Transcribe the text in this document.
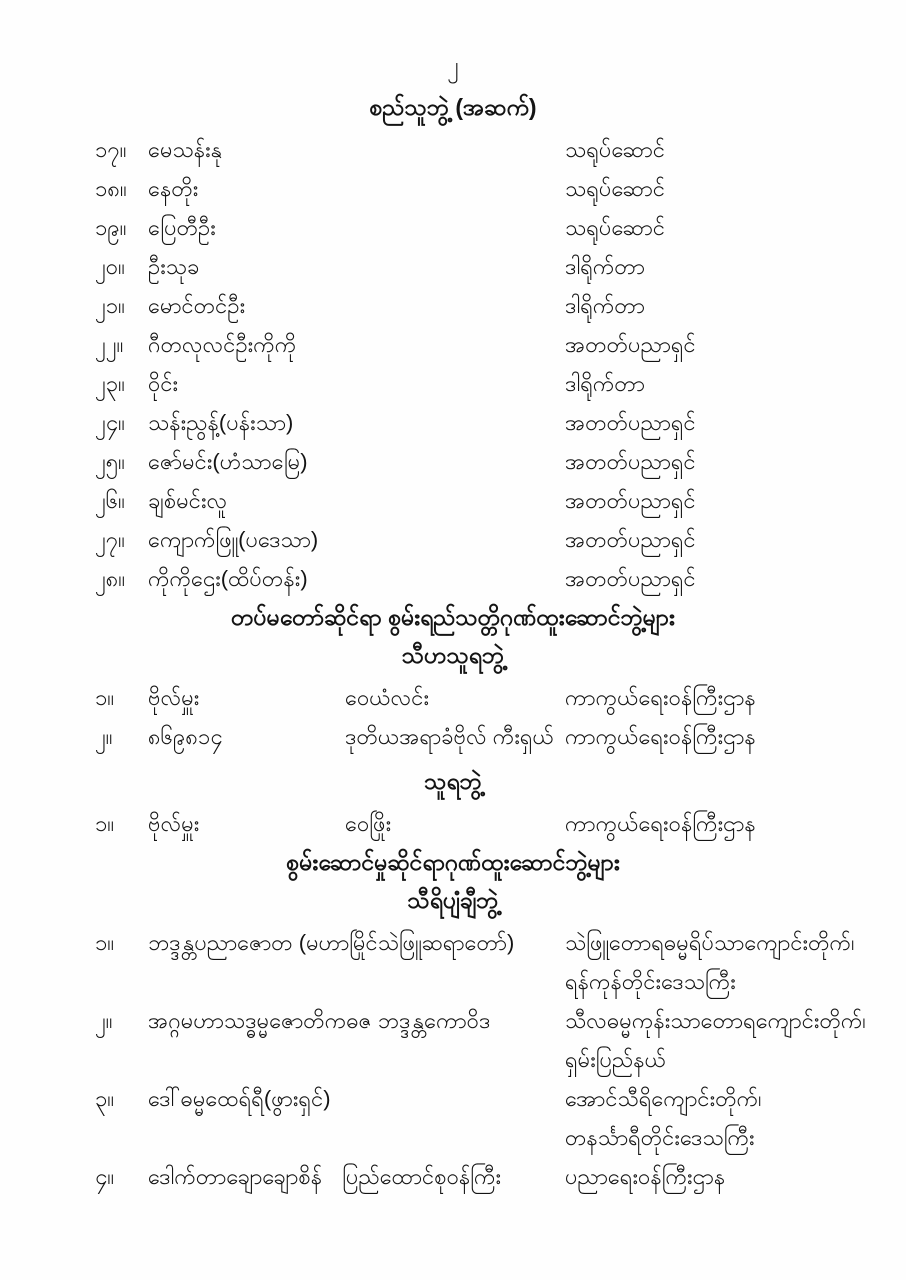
၂
စည်သူဘွဲ့ (အဆက်)
၁၇။ မေသန်းနု	သရုပ်ဆောင်
၁၈။ နေတိုး	သရုပ်ဆောင်
၁၉။ ပြေတီဦး	သရုပ်ဆောင်
၂၀။	ဦးသုခ	ဒါရိုက်တာ
၂၁။	မောင်တင်ဦး	ဒါရိုက်တာ
၂၂။	ဂီတလုလင်ဦးကိုကို	အတတ်ပညာရှင်
၂၃။	ဝိုင်း	ဒါရိုက်တာ
၂၄။	သန်းညွန့်(ပန်းသာ)	အတတ်ပညာရှင်
၂၅။	ဇော်မင်း(ဟံသာမြေ)	အတတ်ပညာရှင်
၂၆။	ချစ်မင်းလူ	အတတ်ပညာရှင်
၂၇။	ကျောက်ဖြူ(ပဒေသာ)	အတတ်ပညာရှင်
၂၈။	ကိုကိုဌေး(ထိပ်တန်း)	အတတ်ပညာရှင်
တပ်မတော်ဆိုင်ရာ စွမ်းရည်သတ္တိဂုဏ်ထူးဆောင်ဘွဲ့များ
သီဟသူရဘွဲ့
၁။	ဗိုလ်မှူး	ဝေယံလင်း	ကာကွယ်ရေးဝန်ကြီးဌာန
၂။	၈၆၉၈၁၄	ဒုတိယအရာခံဗိုလ် ကီးရှယ် ကာကွယ်ရေးဝန်ကြီးဌာန
သူရဘွဲ့
၁။	ဗိုလ်မှူး	ဝေဖြိုး	ကာကွယ်ရေးဝန်ကြီးဌာန
စွမ်းဆောင်မှုဆိုင်ရာဂုဏ်ထူးဆောင်ဘွဲ့များ
သီရိပျံချီဘွဲ့
၁။	ဘဒ္ဒန္တပညာဇောတ (မဟာမြိုင်သဲဖြူဆရာတော်)	သဲဖြူတောရဓမ္မရိပ်သာကျောင်းတိုက်၊
ရန်ကုန်တိုင်းဒေသကြီး
၂။	အဂ္ဂမဟာသဒ္ဓမ္မဇောတိကဓဇ ဘဒ္ဒန္တကောဝိဒ	သီလဓမ္မကုန်းသာတောရကျောင်းတိုက်၊
ရှမ်းပြည်နယ်
၃။	ဒေါ်ဓမ္မထေရ်ရီ(ဖွားရှင်)	အောင်သီရိကျောင်းတိုက်၊
တနင်္သာရီတိုင်းဒေသကြီး
၄။	ဒေါက်တာချောချောစိန် ပြည်ထောင်စုဝန်ကြီး	ပညာရေးဝန်ကြီးဌာန
